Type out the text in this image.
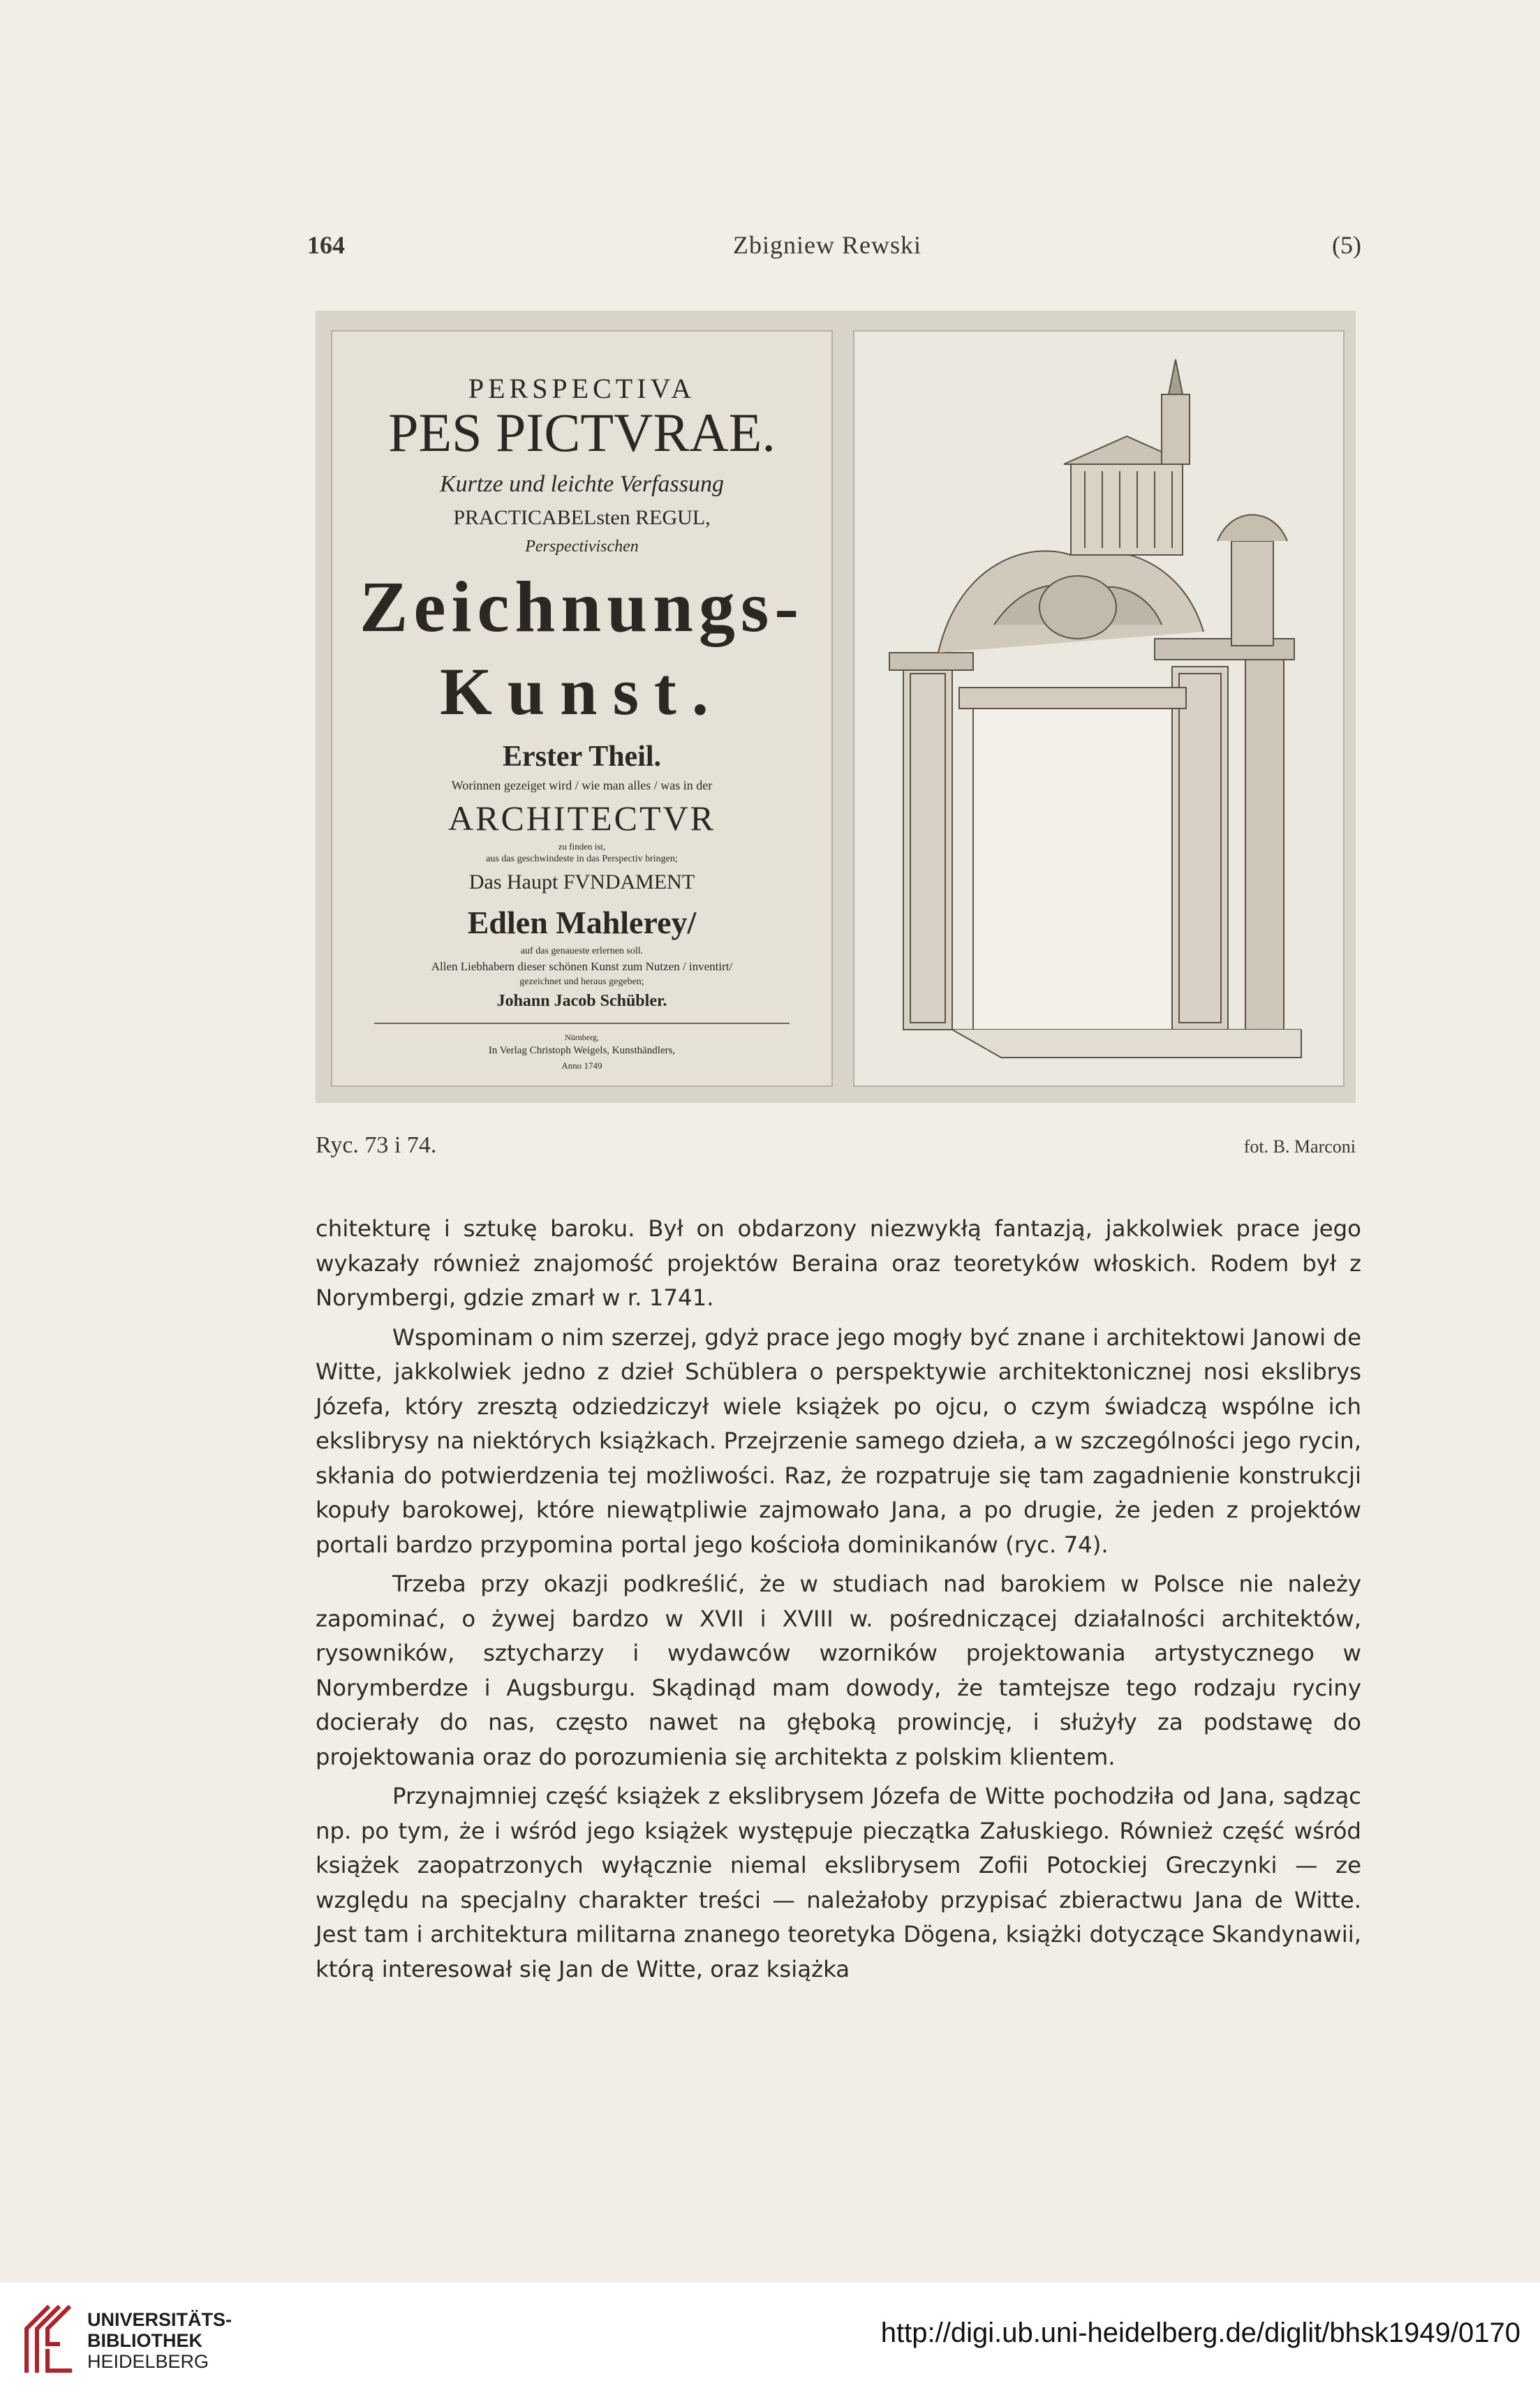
164	Zbigniew Rewski	(5)
PERSPECTIVA
PES PICTVRAE.
Kurtze und leichte Verfassung
PRACTICABELsten REGUL,
Perspectivischen
Zeichnungs-
Kunst.
Erster Theil.
Worinnen gezeiget wird / wie man alles / was in der
ARCHITECTVR
zu finden ist,
aus das geschwindeste in das Perspectiv bringen;
Das Haupt FVNDAMENT
Edlen Mahlerey/
auf das genaueste erlernen soll.
Allen Liebhabern dieser schönen Kunst zum Nutzen / inventirt/
gezeichnet und heraus gegeben;
Johann Jacob Schübler.
Nürnberg,
In Verlag Christoph Weigels, Kunsthändlers,
Anno 1749
Ryc. 73 i 74.	fot. B. Marconi

chitekturę i sztukę baroku. Był on obdarzony niezwykłą fantazją, jakkolwiek prace jego wykazały również znajomość projektów Beraina oraz teoretyków włoskich. Rodem był z Norymbergi, gdzie zmarł w r. 1741.

Wspominam o nim szerzej, gdyż prace jego mogły być znane i architektowi Janowi de Witte, jakkolwiek jedno z dzieł Schüblera o perspektywie architektonicznej nosi ekslibrys Józefa, który zresztą odziedziczył wiele książek po ojcu, o czym świadczą wspólne ich ekslibrysy na niektórych książkach. Przejrzenie samego dzieła, a w szczególności jego rycin, skłania do potwierdzenia tej możliwości. Raz, że rozpatruje się tam zagadnienie konstrukcji kopuły barokowej, które niewątpliwie zajmowało Jana, a po drugie, że jeden z projektów portali bardzo przypomina portal jego kościoła dominikanów (ryc. 74).

Trzeba przy okazji podkreślić, że w studiach nad barokiem w Polsce nie należy zapominać, o żywej bardzo w XVII i XVIII w. pośredniczącej działalności architektów, rysowników, sztycharzy i wydawców wzorników projektowania artystycznego w Norymberdze i Augsburgu. Skądinąd mam dowody, że tamtejsze tego rodzaju ryciny docierały do nas, często nawet na głęboką prowincję, i służyły za podstawę do projektowania oraz do porozumienia się architekta z polskim klientem.

Przynajmniej część książek z ekslibrysem Józefa de Witte pochodziła od Jana, sądząc np. po tym, że i wśród jego książek występuje pieczątka Załuskiego. Również część wśród książek zaopatrzonych wyłącznie niemal ekslibrysem Zofii Potockiej Greczynki — ze względu na specjalny charakter treści — należałoby przypisać zbieractwu Jana de Witte. Jest tam i architektura militarna znanego teoretyka Dögena, książki dotyczące Skandynawii, którą interesował się Jan de Witte, oraz książka

UNIVERSITÄTS-
BIBLIOTHEK
HEIDELBERG
http://digi.ub.uni-heidelberg.de/diglit/bhsk1949/0170
